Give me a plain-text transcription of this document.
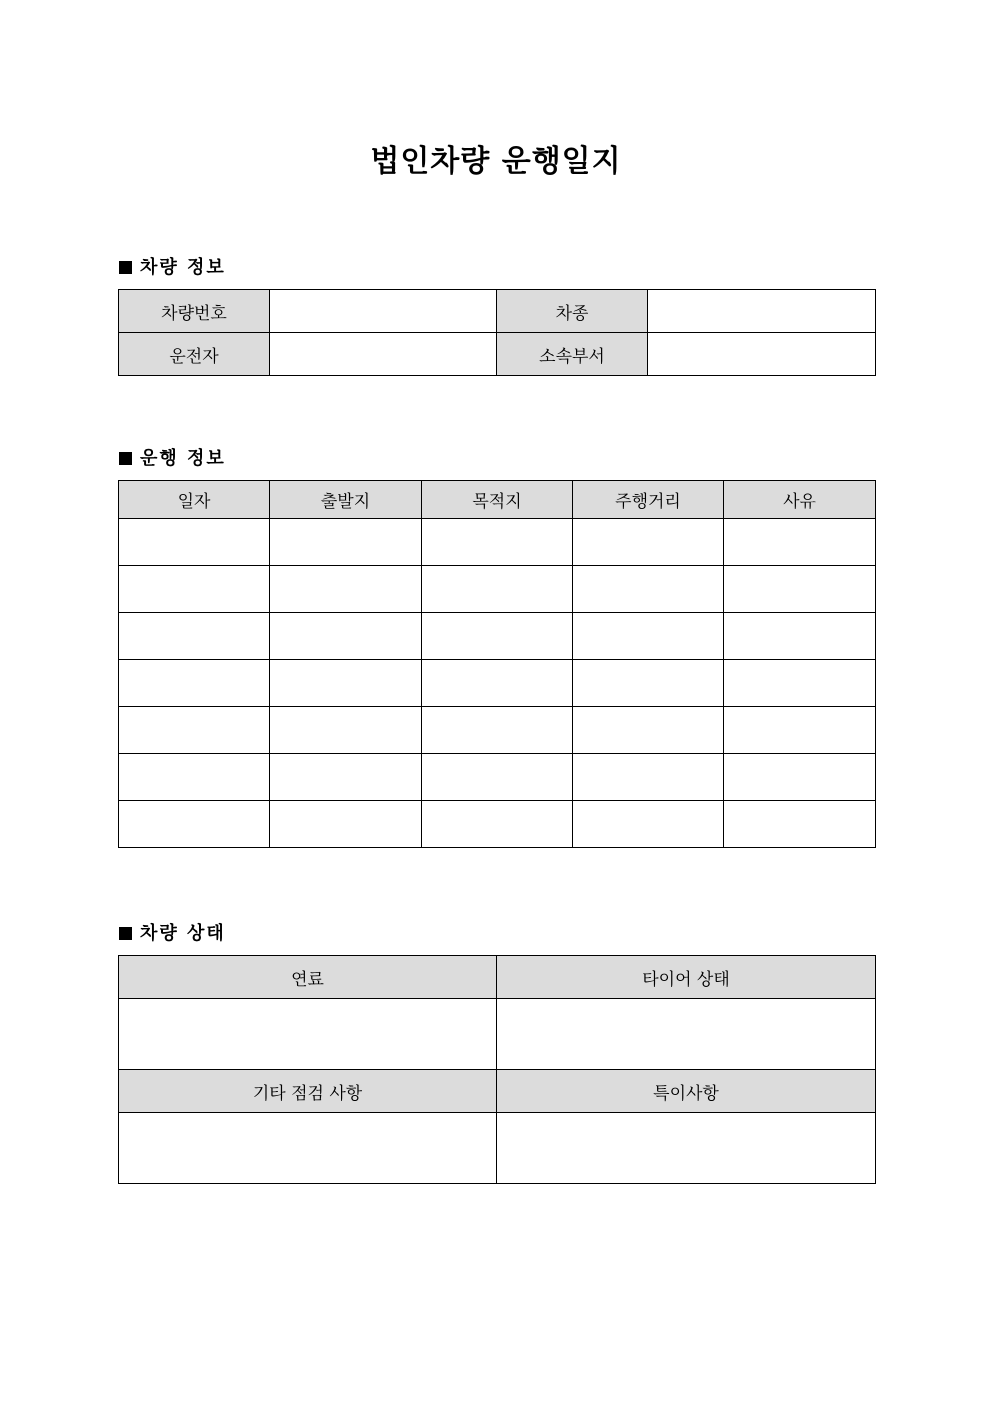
법인차량 운행일지
차량 정보
차량번호		차종	
운전자		소속부서	
운행 정보
일자	출발지	목적지	주행거리	사유

차량 상태
연료	타이어 상태

기타 점검 사항	특이사항
